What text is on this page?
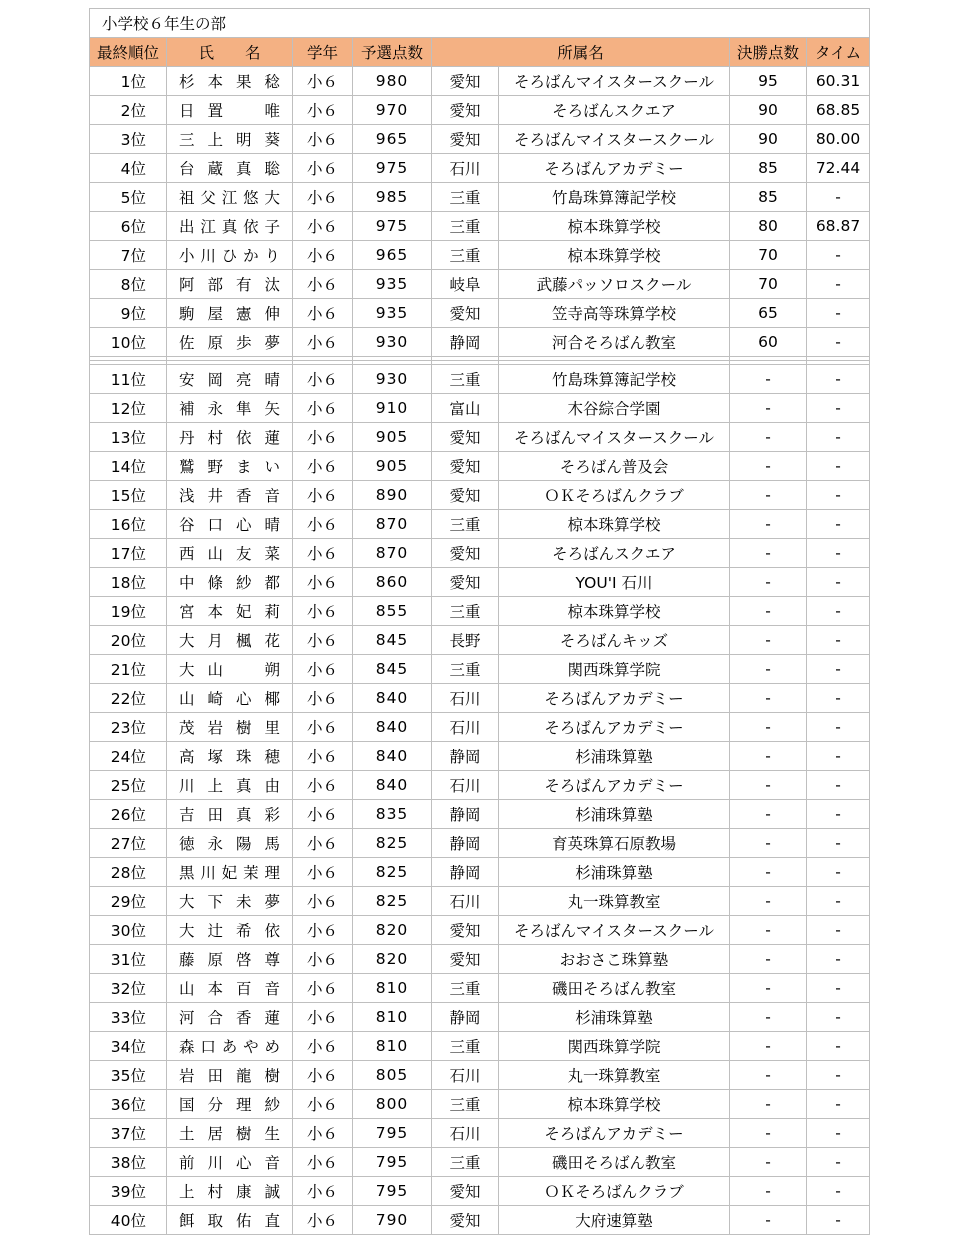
小学校６年生の部							
最終順位	氏　　名	学年	予選点数	所属名		決勝点数	タイム
1位	杉本果稔	小６	980	愛知	そろばんマイスタースクール	95	60.31
2位	日置　唯	小６	970	愛知	そろばんスクエア	90	68.85
3位	三上明葵	小６	965	愛知	そろばんマイスタースクール	90	80.00
4位	台蔵真聡	小６	975	石川	そろばんアカデミー	85	72.44
5位	祖父江悠大	小６	985	三重	竹島珠算簿記学校	85	-
6位	出江真依子	小６	975	三重	椋本珠算学校	80	68.87
7位	小川ひかり	小６	965	三重	椋本珠算学校	70	-
8位	阿部有汰	小６	935	岐阜	武藤パッソロスクール	70	-
9位	駒屋憲伸	小６	935	愛知	笠寺高等珠算学校	65	-
10位	佐原歩夢	小６	930	静岡	河合そろばん教室	60	-

11位	安岡亮晴	小６	930	三重	竹島珠算簿記学校	-	-
12位	補永隼矢	小６	910	富山	木谷綜合学園	-	-
13位	丹村依蓮	小６	905	愛知	そろばんマイスタースクール	-	-
14位	鷲野まい	小６	905	愛知	そろばん普及会	-	-
15位	浅井香音	小６	890	愛知	ＯＫそろばんクラブ	-	-
16位	谷口心晴	小６	870	三重	椋本珠算学校	-	-
17位	西山友菜	小６	870	愛知	そろばんスクエア	-	-
18位	中條紗都	小６	860	愛知	YOU'I 石川	-	-
19位	宮本妃莉	小６	855	三重	椋本珠算学校	-	-
20位	大月楓花	小６	845	長野	そろばんキッズ	-	-
21位	大山　朔	小６	845	三重	関西珠算学院	-	-
22位	山崎心椰	小６	840	石川	そろばんアカデミー	-	-
23位	茂岩樹里	小６	840	石川	そろばんアカデミー	-	-
24位	高塚珠穂	小６	840	静岡	杉浦珠算塾	-	-
25位	川上真由	小６	840	石川	そろばんアカデミー	-	-
26位	吉田真彩	小６	835	静岡	杉浦珠算塾	-	-
27位	徳永陽馬	小６	825	静岡	育英珠算石原教場	-	-
28位	黒川妃茉理	小６	825	静岡	杉浦珠算塾	-	-
29位	大下未夢	小６	825	石川	丸一珠算教室	-	-
30位	大辻希依	小６	820	愛知	そろばんマイスタースクール	-	-
31位	藤原啓尊	小６	820	愛知	おおさこ珠算塾	-	-
32位	山本百音	小６	810	三重	磯田そろばん教室	-	-
33位	河合香蓮	小６	810	静岡	杉浦珠算塾	-	-
34位	森口あやめ	小６	810	三重	関西珠算学院	-	-
35位	岩田龍樹	小６	805	石川	丸一珠算教室	-	-
36位	国分理紗	小６	800	三重	椋本珠算学校	-	-
37位	土居樹生	小６	795	石川	そろばんアカデミー	-	-
38位	前川心音	小６	795	三重	磯田そろばん教室	-	-
39位	上村康誠	小６	795	愛知	ＯＫそろばんクラブ	-	-
40位	餌取佑直	小６	790	愛知	大府速算塾	-	-
